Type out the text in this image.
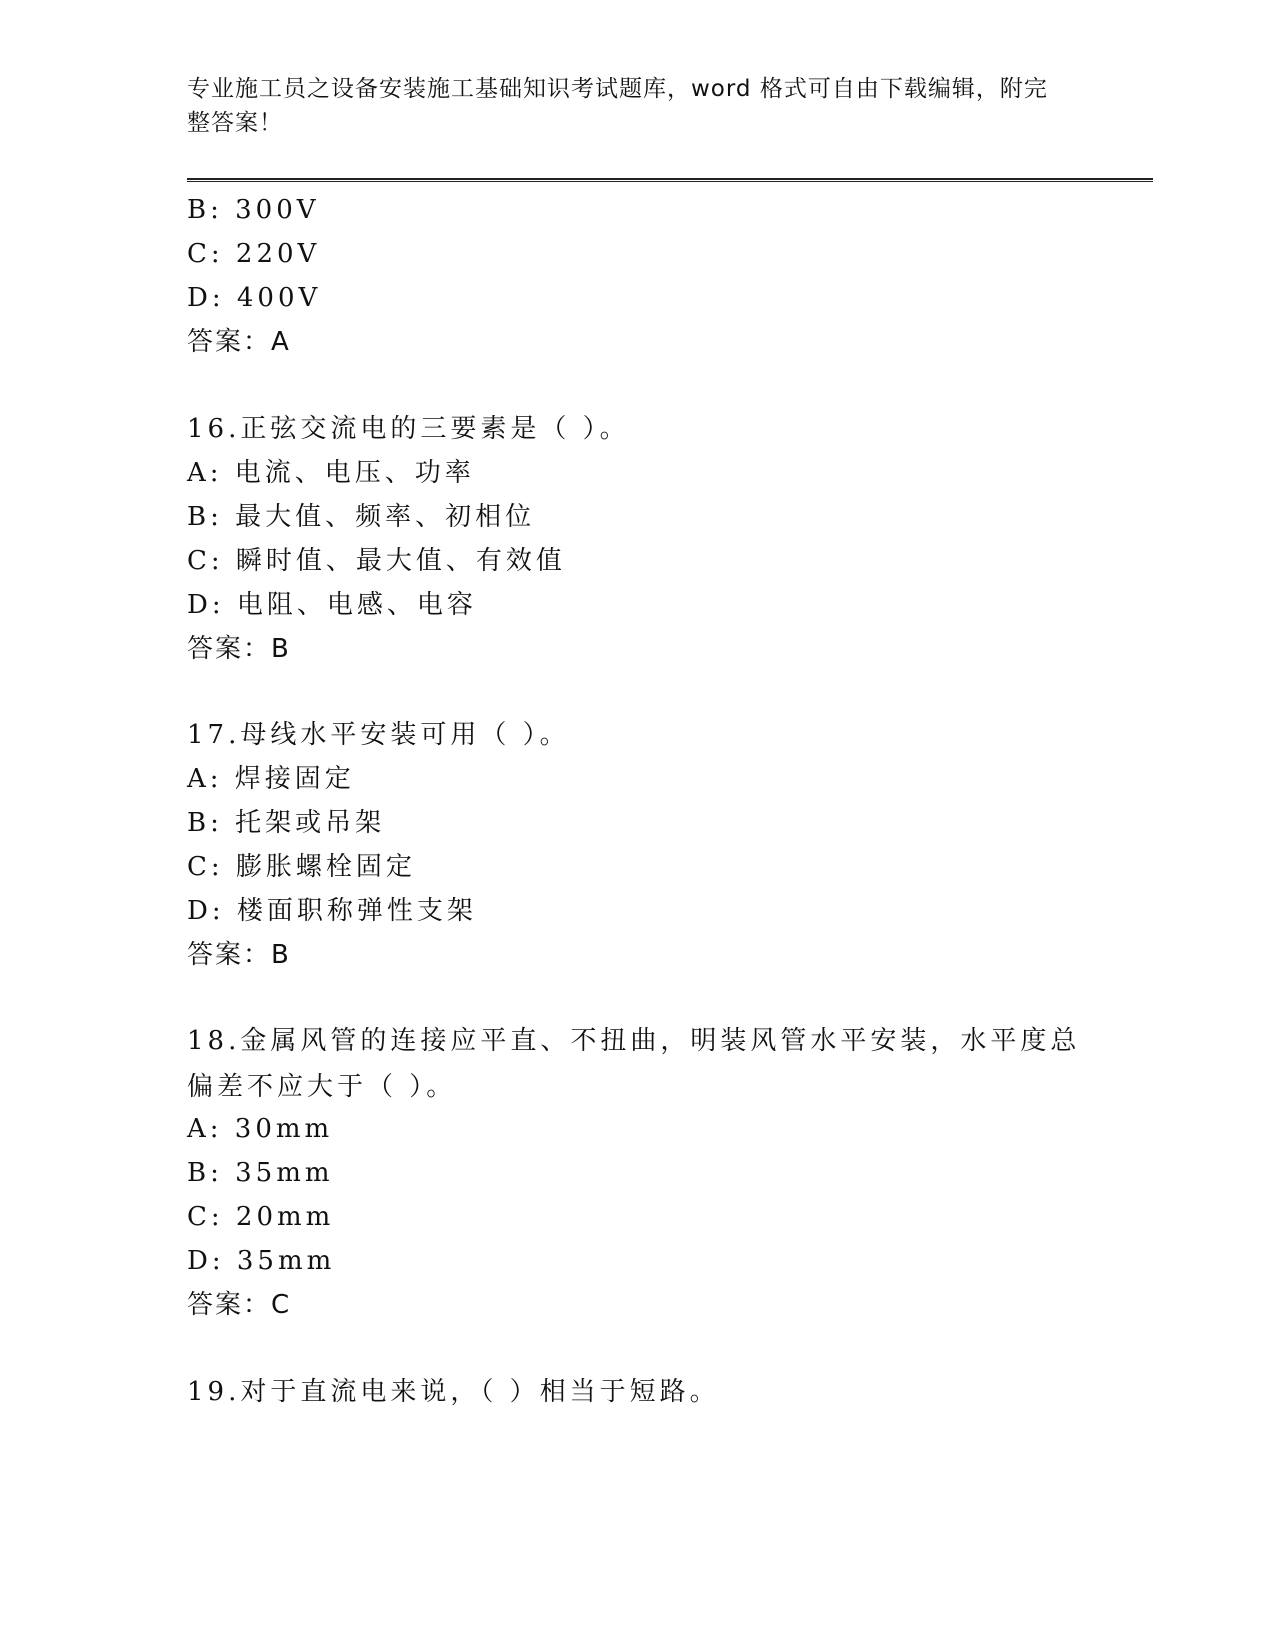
专业施工员之设备安装施工基础知识考试题库，word 格式可自由下载编辑，附完整答案！
B: 300V
C: 220V
D: 400V
答案：A
16.正弦交流电的三要素是（ ）。
A: 电流、电压、功率
B: 最大值、频率、初相位
C: 瞬时值、最大值、有效值
D: 电阻、电感、电容
答案：B
17.母线水平安装可用（ ）。
A: 焊接固定
B: 托架或吊架
C: 膨胀螺栓固定
D: 楼面职称弹性支架
答案：B
18.金属风管的连接应平直、不扭曲，明装风管水平安装，水平度总偏差不应大于（ ）。
A: 30mm
B: 35mm
C: 20mm
D: 35mm
答案：C
19.对于直流电来说，（ ）相当于短路。
